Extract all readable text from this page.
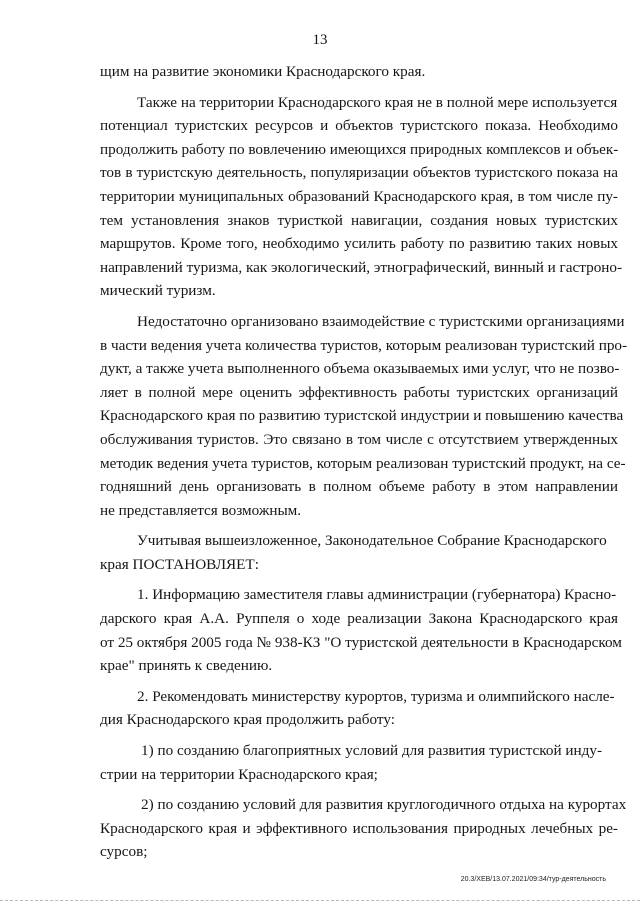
13
щим на развитие экономики Краснодарского края.
Также на территории Краснодарского края не в полной мере используется
потенциал туристских ресурсов и объектов туристского показа. Необходимо
продолжить работу по вовлечению имеющихся природных комплексов и объек-
тов в туристскую деятельность, популяризации объектов туристского показа на
территории муниципальных образований Краснодарского края, в том числе пу-
тем установления знаков туристкой навигации, создания новых туристских
маршрутов. Кроме того, необходимо усилить работу по развитию таких новых
направлений туризма, как экологический, этнографический, винный и гастроно-
мический туризм.
Недостаточно организовано взаимодействие с туристскими организациями
в части ведения учета количества туристов, которым реализован туристский про-
дукт, а также учета выполненного объема оказываемых ими услуг, что не позво-
ляет в полной мере оценить эффективность работы туристских организаций
Краснодарского края по развитию туристской индустрии и повышению качества
обслуживания туристов. Это связано в том числе с отсутствием утвержденных
методик ведения учета туристов, которым реализован туристский продукт, на се-
годняшний день организовать в полном объеме работу в этом направлении
не представляется возможным.
Учитывая вышеизложенное, Законодательное Собрание Краснодарского
края ПОСТАНОВЛЯЕТ:
1. Информацию заместителя главы администрации (губернатора) Красно-
дарского края А.А. Руппеля о ходе реализации Закона Краснодарского края
от 25 октября 2005 года № 938-КЗ "О туристской деятельности в Краснодарском
крае" принять к сведению.
2. Рекомендовать министерству курортов, туризма и олимпийского насле-
дия Краснодарского края продолжить работу:
1) по созданию благоприятных условий для развития туристской инду-
стрии на территории Краснодарского края;
2) по созданию условий для развития круглогодичного отдыха на курортах
Краснодарского края и эффективного использования природных лечебных ре-
сурсов;
20.3/ХЕВ/13.07.2021/09:34/тур-деятельность
